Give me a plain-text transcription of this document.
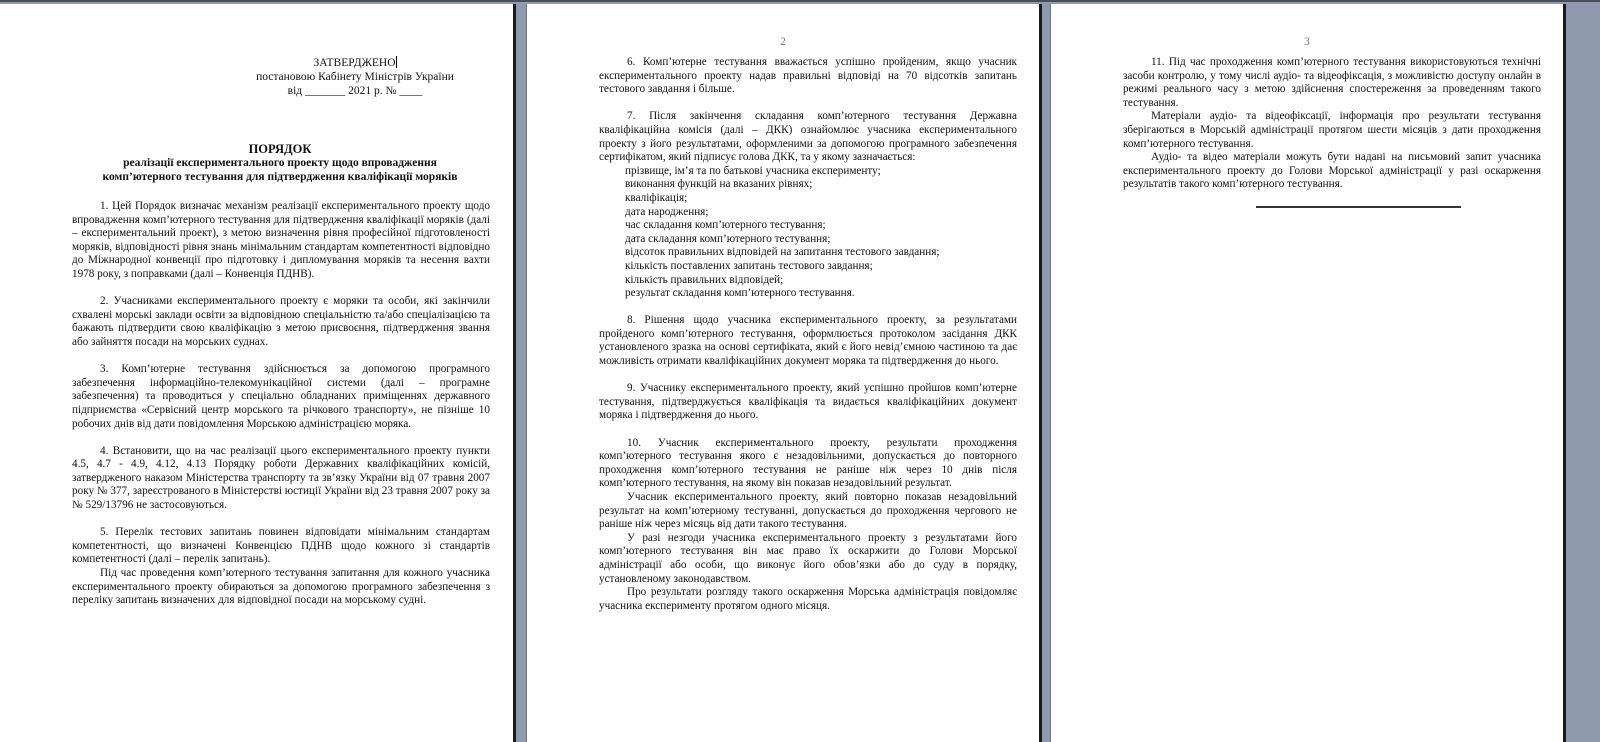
ЗАТВЕРДЖЕНО
постановою Кабінету Міністрів України
від _______ 2021 р. № ____
ПОРЯДОК
реалізації експериментального проекту щодо впровадження
комп’ютерного тестування для підтвердження кваліфікації моряків

1. Цей Порядок визначає механізм реалізації експериментального проекту щодо впровадження комп’ютерного тестування для підтвердження кваліфікації моряків (далі – експериментальний проект), з метою визначення рівня професійної підготовленості моряків, відповідності рівня знань мінімальним стандартам компетентності відповідно до Міжнародної конвенції про підготовку і дипломування моряків та несення вахти 1978 року, з поправками (далі – Конвенція ПДНВ).

2. Учасниками експериментального проекту є моряки та особи, які закінчили схвалені морські заклади освіти за відповідною спеціальністю та/або спеціалізацією та бажають підтвердити свою кваліфікацію з метою присвоєння, підтвердження звання або зайняття посади на морських суднах.

3. Комп’ютерне тестування здійснюється за допомогою програмного забезпечення інформаційно-телекомунікаційної системи (далі – програмне забезпечення) та проводиться у спеціально обладнаних приміщеннях державного підприємства «Сервісний центр морського та річкового транспорту», не пізніше 10 робочих днів від дати повідомлення Морською адміністрацією моряка.

4. Встановити, що на час реалізації цього експериментального проекту пункти 4.5, 4.7 - 4.9, 4.12, 4.13 Порядку роботи Державних кваліфікаційних комісій, затвердженого наказом Міністерства транспорту та зв’язку України від 07 травня 2007 року № 377, зареєстрованого в Міністерстві юстиції України від 23 травня 2007 року за № 529/13796 не застосовуються.

5. Перелік тестових запитань повинен відповідати мінімальним стандартам компетентності, що визначені Конвенцією ПДНВ щодо кожного зі стандартів компетентності (далі – перелік запитань).

Під час проведення комп’ютерного тестування запитання для кожного учасника експериментального проекту обираються за допомогою програмного забезпечення з переліку запитань визначених для відповідної посади на морському судні.

2

6. Комп’ютерне тестування вважається успішно пройденим, якщо учасник експериментального проекту надав правильні відповіді на 70 відсотків запитань тестового завдання і більше.

7. Після закінчення складання комп’ютерного тестування Державна кваліфікаційна комісія (далі – ДКК) ознайомлює учасника експериментального проекту з його результатами, оформленими за допомогою програмного забезпечення сертифікатом, який підписує голова ДКК, та у якому зазначається:

прізвище, ім’я та по батькові учасника експерименту;
виконання функцій на вказаних рівнях;
кваліфікація;
дата народження;
час складання комп’ютерного тестування;
дата складання комп’ютерного тестування;
відсоток правильних відповідей на запитання тестового завдання;
кількість поставлених запитань тестового завдання;
кількість правильних відповідей;
результат складання комп’ютерного тестування.

8. Рішення щодо учасника експериментального проекту, за результатами пройденого комп’ютерного тестування, оформлюється протоколом засідання ДКК установленого зразка на основі сертифіката, який є його невід’ємною частиною та дає можливість отримати кваліфікаційних документ моряка та підтвердження до нього.

9. Учаснику експериментального проекту, який успішно пройшов комп’ютерне тестування, підтверджується кваліфікація та видається кваліфікаційних документ моряка і підтвердження до нього.

10. Учасник експериментального проекту, результати проходження комп’ютерного тестування якого є незадовільними, допускається до повторного проходження комп’ютерного тестування не раніше ніж через 10 днів після комп’ютерного тестування, на якому він показав незадовільний результат.

Учасник експериментального проекту, який повторно показав незадовільний результат на комп’ютерному тестуванні, допускається до проходження чергового не раніше ніж через місяць від дати такого тестування.

У разі незгоди учасника експериментального проекту з результатами його комп’ютерного тестування він має право їх оскаржити до Голови Морської адміністрації або особи, що виконує його обов’язки або до суду в порядку, установленому законодавством.

Про результати розгляду такого оскарження Морська адміністрація повідомляє учасника експерименту протягом одного місяця.

3

11. Під час проходження комп’ютерного тестування використовуються технічні засоби контролю, у тому числі аудіо- та відеофіксація, з можливістю доступу онлайн в режимі реального часу з метою здійснення спостереження за проведенням такого тестування.

Матеріали аудіо- та відеофіксації, інформація про результати тестування зберігаються в Морській адміністрації протягом шести місяців з дати проходження комп’ютерного тестування.

Аудіо- та відео матеріали можуть бути надані на письмовий запит учасника експериментального проекту до Голови Морської адміністрації у разі оскарження результатів такого комп’ютерного тестування.
